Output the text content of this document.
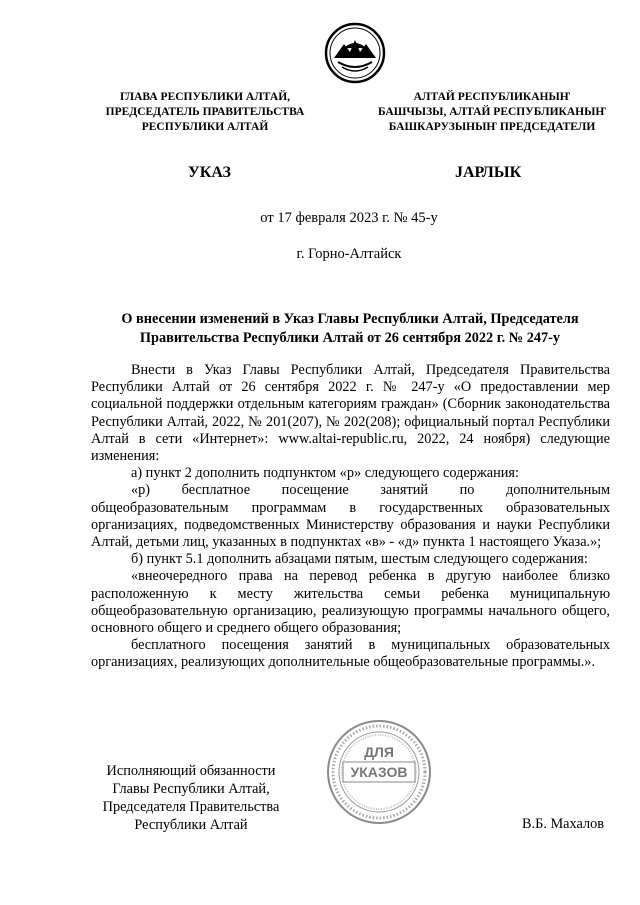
ГЛАВА РЕСПУБЛИКИ АЛТАЙ,
ПРЕДСЕДАТЕЛЬ ПРАВИТЕЛЬСТВА
РЕСПУБЛИКИ АЛТАЙ
АЛТАЙ РЕСПУБЛИКАНЫҤ
БАШЧЫЗЫ, АЛТАЙ РЕСПУБЛИКАНЫҤ
БАШКАРУЗЫНЫҤ ПРЕДСЕДАТЕЛИ
УКАЗ	ЈАРЛЫК
от 17 февраля 2023 г. № 45-у
г. Горно-Алтайск
О внесении изменений в Указ Главы Республики Алтай, Председателя
Правительства Республики Алтай от 26 сентября 2022 г. № 247-у

Внести в Указ Главы Республики Алтай, Председателя Правительства Республики Алтай от 26 сентября 2022 г. № 247-у «О предоставлении мер социальной поддержки отдельным категориям граждан» (Сборник законодательства Республики Алтай, 2022, № 201(207), № 202(208); официальный портал Республики Алтай в сети «Интернет»: www.altai-republic.ru, 2022, 24 ноября) следующие изменения:

а) пункт 2 дополнить подпунктом «р» следующего содержания:

«р) бесплатное посещение занятий по дополнительным общеобразовательным программам в государственных образовательных организациях, подведомственных Министерству образования и науки Республики Алтай, детьми лиц, указанных в подпунктах «в» - «д» пункта 1 настоящего Указа.»;

б) пункт 5.1 дополнить абзацами пятым, шестым следующего содержания:

«внеочередного права на перевод ребенка в другую наиболее близко расположенную к месту жительства семьи ребенка муниципальную общеобразовательную организацию, реализующую программы начального общего, основного общего и среднего общего образования;

бесплатного посещения занятий в муниципальных образовательных организациях, реализующих дополнительные общеобразовательные программы.».

Исполняющий обязанности
Главы Республики Алтай,
Председателя Правительства
Республики Алтай	В.Б. Махалов
ДЛЯ
УКАЗОВ
